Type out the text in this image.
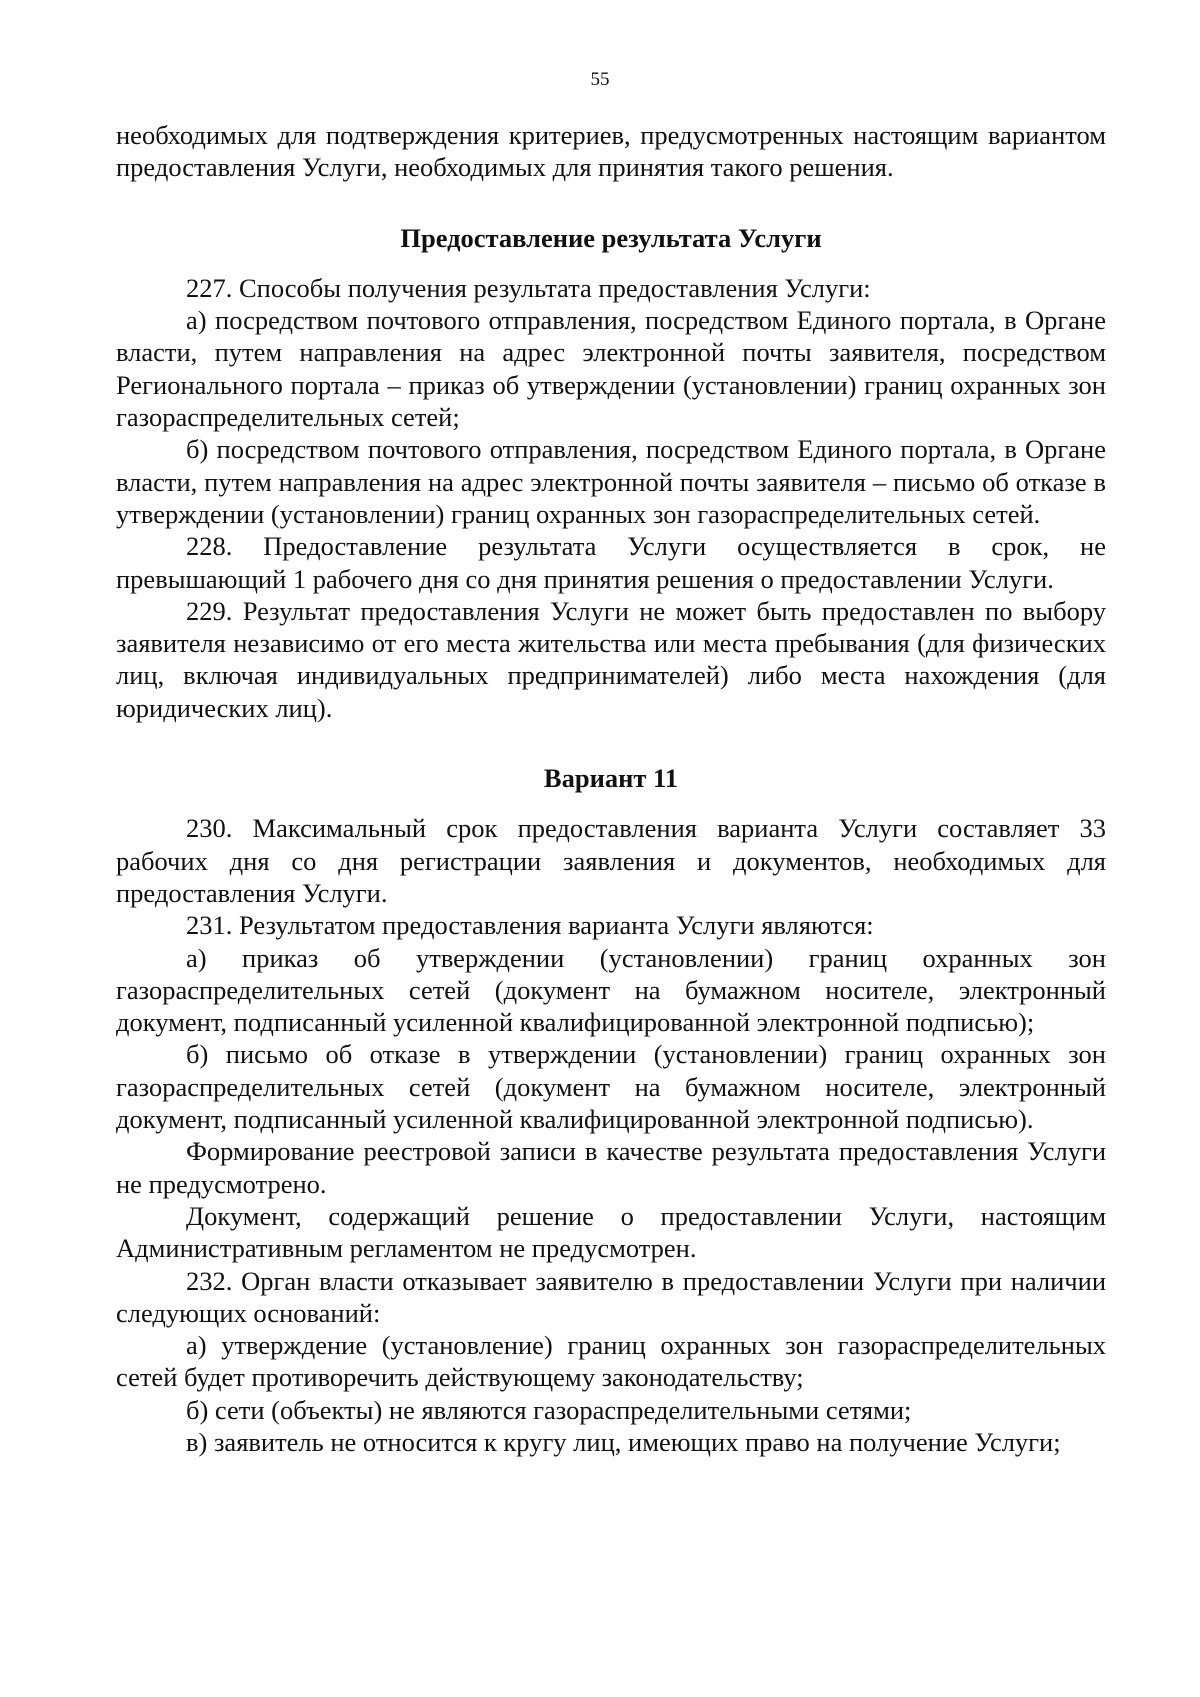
55

необходимых для подтверждения критериев, предусмотренных настоящим вариантом предоставления Услуги, необходимых для принятия такого решения.

Предоставление результата Услуги

227. Способы получения результата предоставления Услуги:

а) посредством почтового отправления, посредством Единого портала, в Органе власти, путем направления на адрес электронной почты заявителя, посредством Регионального портала – приказ об утверждении (установлении) границ охранных зон газораспределительных сетей;

б) посредством почтового отправления, посредством Единого портала, в Органе власти, путем направления на адрес электронной почты заявителя – письмо об отказе в утверждении (установлении) границ охранных зон газораспределительных сетей.

228. Предоставление результата Услуги осуществляется в срок, не превышающий 1 рабочего дня со дня принятия решения о предоставлении Услуги.

229. Результат предоставления Услуги не может быть предоставлен по выбору заявителя независимо от его места жительства или места пребывания (для физических лиц, включая индивидуальных предпринимателей) либо места нахождения (для юридических лиц).

Вариант 11

230. Максимальный срок предоставления варианта Услуги составляет 33 рабочих дня со дня регистрации заявления и документов, необходимых для предоставления Услуги.

231. Результатом предоставления варианта Услуги являются:

а) приказ об утверждении (установлении) границ охранных зон газораспределительных сетей (документ на бумажном носителе, электронный документ, подписанный усиленной квалифицированной электронной подписью);

б) письмо об отказе в утверждении (установлении) границ охранных зон газораспределительных сетей (документ на бумажном носителе, электронный документ, подписанный усиленной квалифицированной электронной подписью).

Формирование реестровой записи в качестве результата предоставления Услуги не предусмотрено.

Документ, содержащий решение о предоставлении Услуги, настоящим Административным регламентом не предусмотрен.

232. Орган власти отказывает заявителю в предоставлении Услуги при наличии следующих оснований:

а) утверждение (установление) границ охранных зон газораспределительных сетей будет противоречить действующему законодательству;

б) сети (объекты) не являются газораспределительными сетями;

в) заявитель не относится к кругу лиц, имеющих право на получение Услуги;
